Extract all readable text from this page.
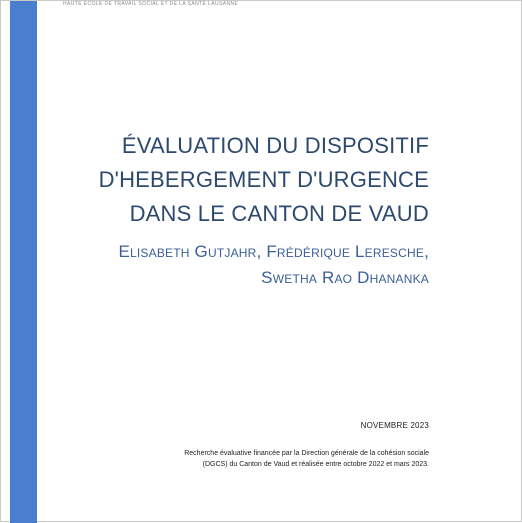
HAUTE ÉCOLE DE TRAVAIL SOCIAL ET DE LA SANTÉ LAUSANNE
ÉVALUATION DU DISPOSITIF
D'HEBERGEMENT D'URGENCE
DANS LE CANTON DE VAUD
Elisabeth Gutjahr, Frédérique Leresche,
Swetha Rao Dhananka
NOVEMBRE 2023
Recherche évaluative financée par la Direction générale de la cohésion sociale
(DGCS) du Canton de Vaud et réalisée entre octobre 2022 et mars 2023.
